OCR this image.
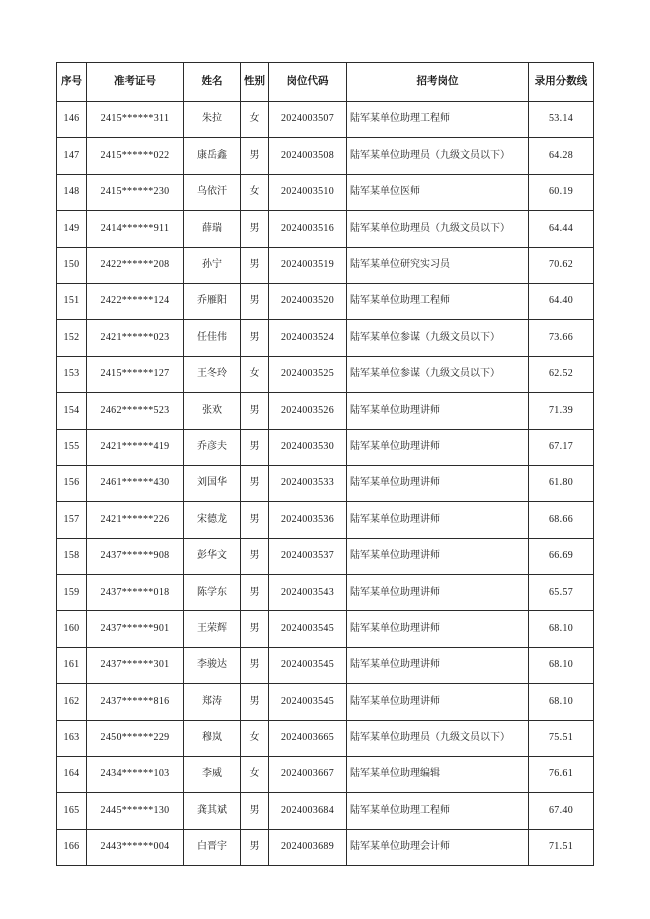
序号	准考证号	姓名	性别	岗位代码	招考岗位	录用分数线
146	2415******311	朱拉	女	2024003507	陆军某单位助理工程师	53.14
147	2415******022	康岳鑫	男	2024003508	陆军某单位助理员（九级文员以下）	64.28
148	2415******230	乌依汗	女	2024003510	陆军某单位医师	60.19
149	2414******911	薛瑞	男	2024003516	陆军某单位助理员（九级文员以下）	64.44
150	2422******208	孙宁	男	2024003519	陆军某单位研究实习员	70.62
151	2422******124	乔雁阳	男	2024003520	陆军某单位助理工程师	64.40
152	2421******023	任佳伟	男	2024003524	陆军某单位参谋（九级文员以下）	73.66
153	2415******127	王冬玲	女	2024003525	陆军某单位参谋（九级文员以下）	62.52
154	2462******523	张欢	男	2024003526	陆军某单位助理讲师	71.39
155	2421******419	乔彦夫	男	2024003530	陆军某单位助理讲师	67.17
156	2461******430	刘国华	男	2024003533	陆军某单位助理讲师	61.80
157	2421******226	宋德龙	男	2024003536	陆军某单位助理讲师	68.66
158	2437******908	彭华文	男	2024003537	陆军某单位助理讲师	66.69
159	2437******018	陈学东	男	2024003543	陆军某单位助理讲师	65.57
160	2437******901	王荣辉	男	2024003545	陆军某单位助理讲师	68.10
161	2437******301	李骏达	男	2024003545	陆军某单位助理讲师	68.10
162	2437******816	郑涛	男	2024003545	陆军某单位助理讲师	68.10
163	2450******229	穆岚	女	2024003665	陆军某单位助理员（九级文员以下）	75.51
164	2434******103	李威	女	2024003667	陆军某单位助理编辑	76.61
165	2445******130	龚其斌	男	2024003684	陆军某单位助理工程师	67.40
166	2443******004	白晋宇	男	2024003689	陆军某单位助理会计师	71.51
